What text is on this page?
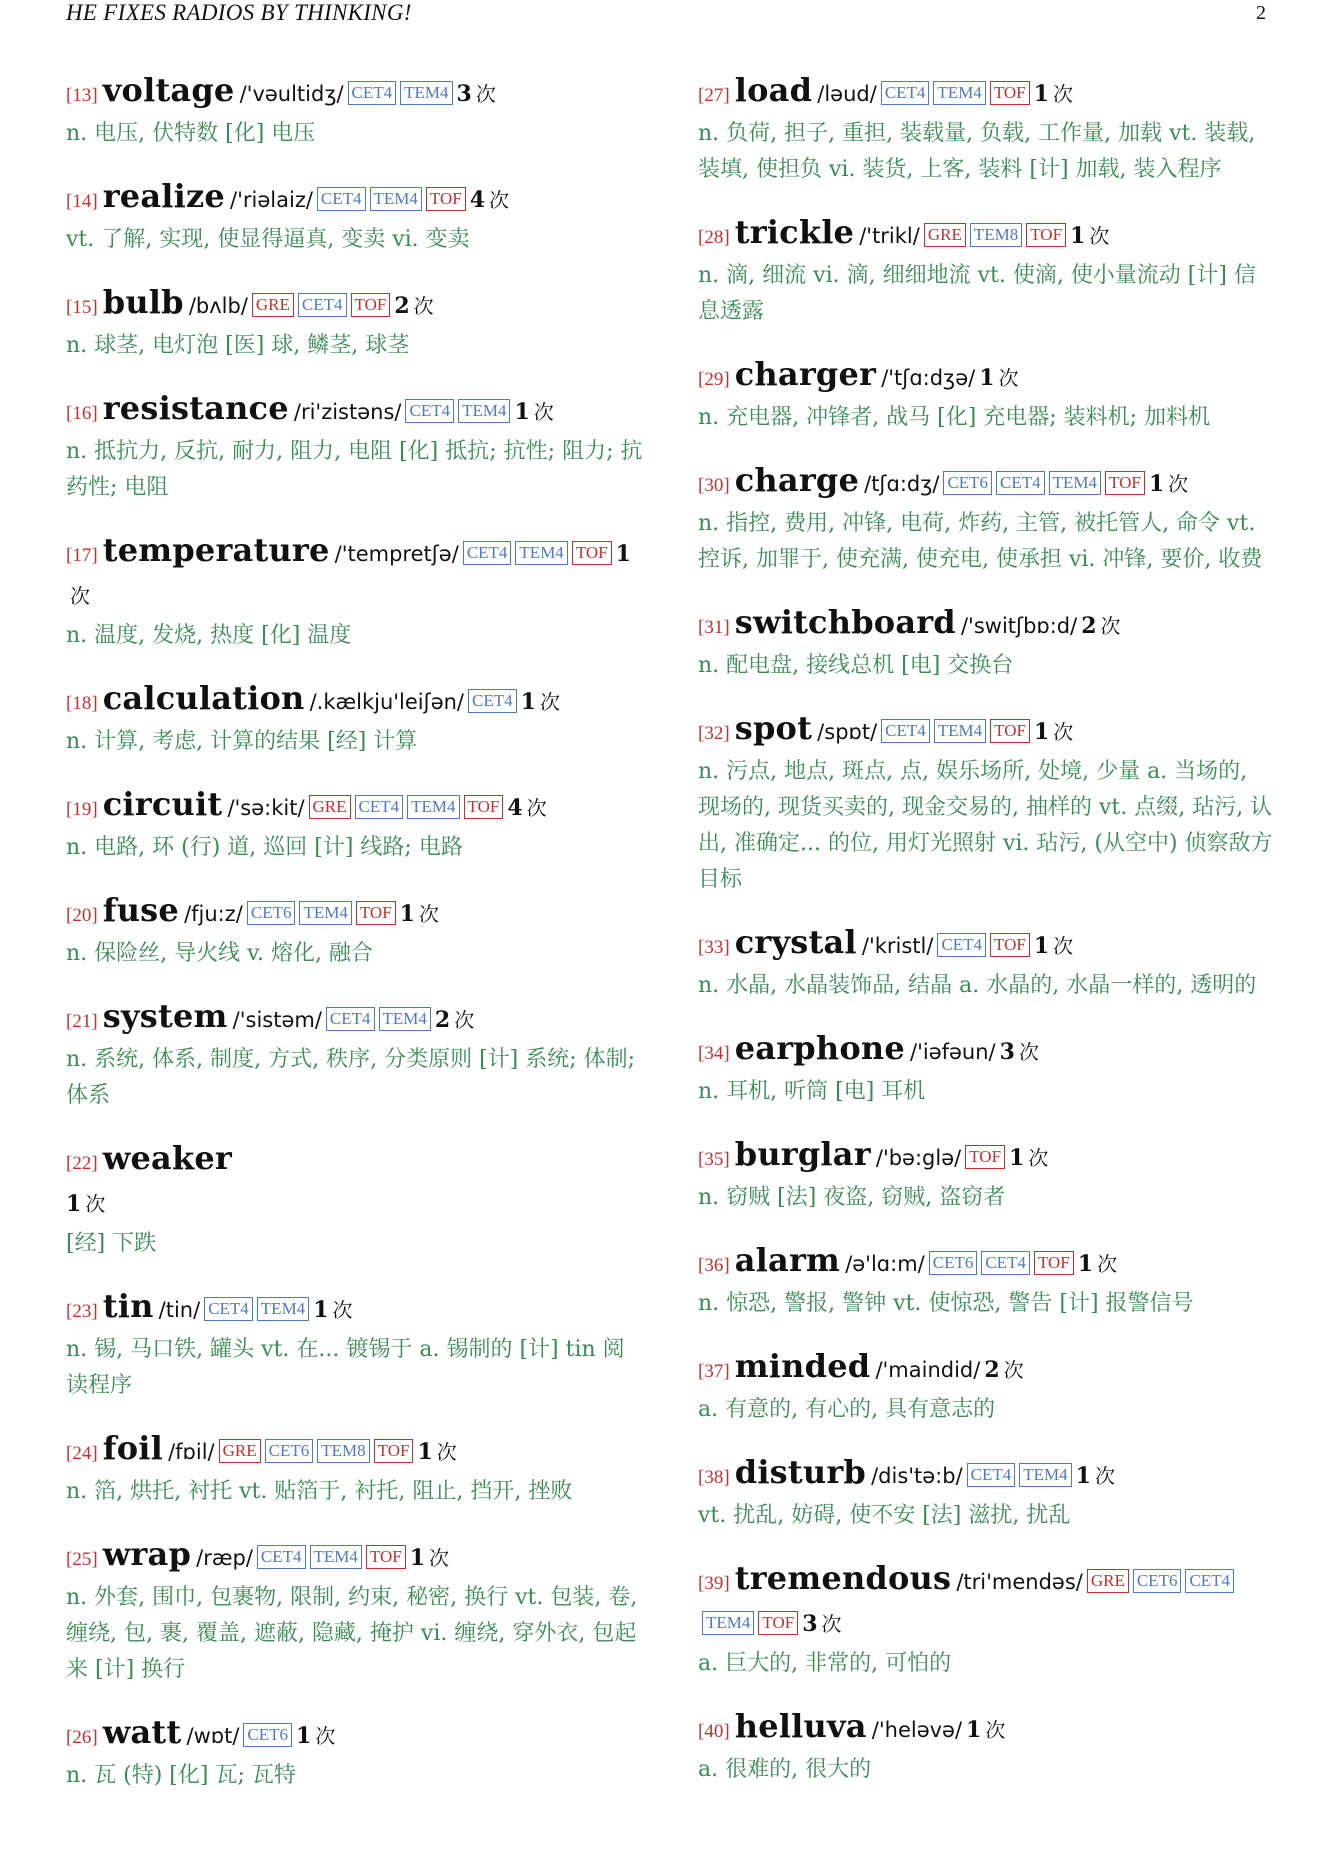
HE FIXES RADIOS BY THINKING!	2
[13] voltage /'vəultidʒ/ CET4 TEM4 3 次
n. 电压, 伏特数 [化] 电压
[14] realize /'riəlaiz/ CET4 TEM4 TOF 4 次
vt. 了解, 实现, 使显得逼真, 变卖 vi. 变卖
[15] bulb /bʌlb/ GRE CET4 TOF 2 次
n. 球茎, 电灯泡 [医] 球, 鳞茎, 球茎
[16] resistance /ri'zistəns/ CET4 TEM4 1 次
n. 抵抗力, 反抗, 耐力, 阻力, 电阻 [化] 抵抗; 抗性; 阻力; 抗药性; 电阻
[17] temperature /'tempretʃə/ CET4 TEM4 TOF 1次
n. 温度, 发烧, 热度 [化] 温度
[18] calculation /.kælkju'leiʃən/ CET4 1 次
n. 计算, 考虑, 计算的结果 [经] 计算
[19] circuit /'sə:kit/ GRE CET4 TEM4 TOF 4 次
n. 电路, 环 (行) 道, 巡回 [计] 线路; 电路
[20] fuse /fju:z/ CET6 TEM4 TOF 1 次
n. 保险丝, 导火线 v. 熔化, 融合
[21] system /'sistəm/ CET4 TEM4 2 次
n. 系统, 体系, 制度, 方式, 秩序, 分类原则 [计] 系统; 体制; 体系
[22] weaker
1 次
[经] 下跌
[23] tin /tin/ CET4 TEM4 1 次
n. 锡, 马口铁, 罐头 vt. 在... 镀锡于 a. 锡制的 [计] tin 阅读程序
[24] foil /fɒil/ GRE CET6 TEM8 TOF 1 次
n. 箔, 烘托, 衬托 vt. 贴箔于, 衬托, 阻止, 挡开, 挫败
[25] wrap /ræp/ CET4 TEM4 TOF 1 次
n. 外套, 围巾, 包裹物, 限制, 约束, 秘密, 换行 vt. 包装, 卷, 缠绕, 包, 裹, 覆盖, 遮蔽, 隐藏, 掩护 vi. 缠绕, 穿外衣, 包起来 [计] 换行
[26] watt /wɒt/ CET6 1 次
n. 瓦 (特) [化] 瓦; 瓦特
[27] load /ləud/ CET4 TEM4 TOF 1 次
n. 负荷, 担子, 重担, 装载量, 负载, 工作量, 加载 vt. 装载, 装填, 使担负 vi. 装货, 上客, 装料 [计] 加载, 装入程序
[28] trickle /'trikl/ GRE TEM8 TOF 1 次
n. 滴, 细流 vi. 滴, 细细地流 vt. 使滴, 使小量流动 [计] 信息透露
[29] charger /'tʃɑ:dʒə/ 1 次
n. 充电器, 冲锋者, 战马 [化] 充电器; 装料机; 加料机
[30] charge /tʃɑ:dʒ/ CET6 CET4 TEM4 TOF 1 次
n. 指控, 费用, 冲锋, 电荷, 炸药, 主管, 被托管人, 命令 vt. 控诉, 加罪于, 使充满, 使充电, 使承担 vi. 冲锋, 要价, 收费
[31] switchboard /'switʃbɒ:d/ 2 次
n. 配电盘, 接线总机 [电] 交换台
[32] spot /spɒt/ CET4 TEM4 TOF 1 次
n. 污点, 地点, 斑点, 点, 娱乐场所, 处境, 少量 a. 当场的, 现场的, 现货买卖的, 现金交易的, 抽样的 vt. 点缀, 玷污, 认出, 准确定... 的位, 用灯光照射 vi. 玷污, (从空中) 侦察敌方目标
[33] crystal /'kristl/ CET4 TOF 1 次
n. 水晶, 水晶装饰品, 结晶 a. 水晶的, 水晶一样的, 透明的
[34] earphone /'iəfəun/ 3 次
n. 耳机, 听筒 [电] 耳机
[35] burglar /'bə:glə/ TOF 1 次
n. 窃贼 [法] 夜盗, 窃贼, 盗窃者
[36] alarm /ə'lɑ:m/ CET6 CET4 TOF 1 次
n. 惊恐, 警报, 警钟 vt. 使惊恐, 警告 [计] 报警信号
[37] minded /'maindid/ 2 次
a. 有意的, 有心的, 具有意志的
[38] disturb /dis'tə:b/ CET4 TEM4 1 次
vt. 扰乱, 妨碍, 使不安 [法] 滋扰, 扰乱
[39] tremendous /tri'mendəs/ GRE CET6 CET4TEM4 TOF 3 次
a. 巨大的, 非常的, 可怕的
[40] helluva /'heləvə/ 1 次
a. 很难的, 很大的
